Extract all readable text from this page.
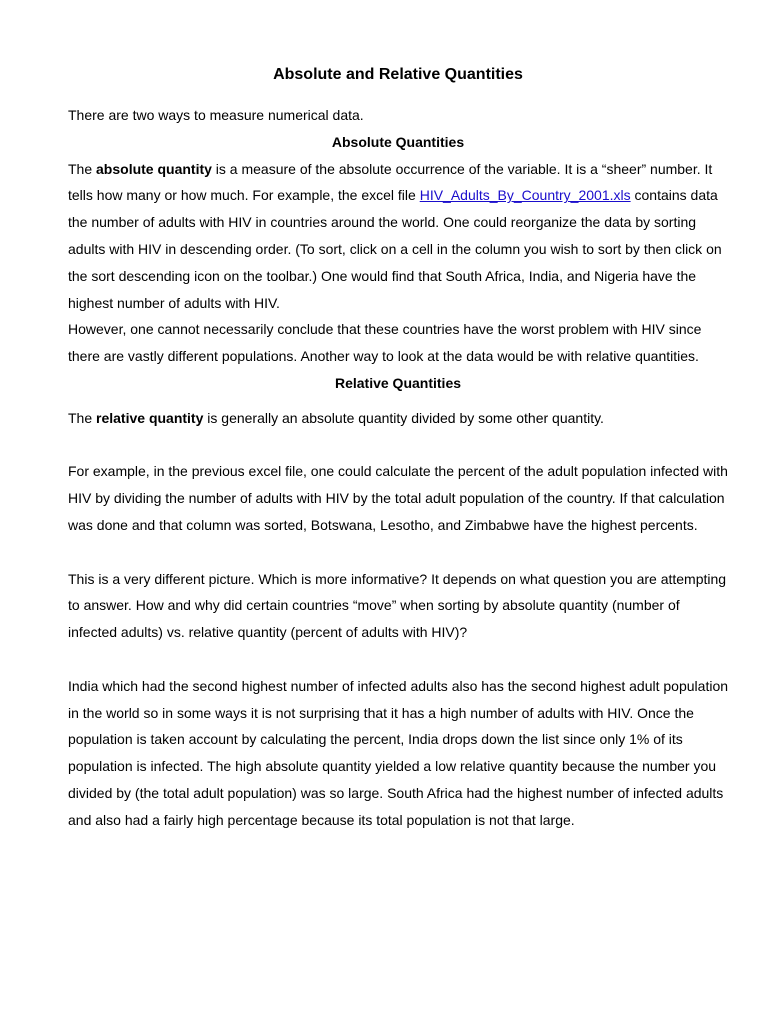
Absolute and Relative Quantities

There are two ways to measure numerical data.

Absolute Quantities

The absolute quantity is a measure of the absolute occurrence of the variable. It is a “sheer” number. It tells how many or how much. For example, the excel file HIV_Adults_By_Country_2001.xls contains data the number of adults with HIV in countries around the world. One could reorganize the data by sorting adults with HIV in descending order. (To sort, click on a cell in the column you wish to sort by then click on the sort descending icon on the toolbar.) One would find that South Africa, India, and Nigeria have the highest number of adults with HIV.

However, one cannot necessarily conclude that these countries have the worst problem with HIV since there are vastly different populations. Another way to look at the data would be with relative quantities.

Relative Quantities

The relative quantity is generally an absolute quantity divided by some other quantity.

For example, in the previous excel file, one could calculate the percent of the adult population infected with HIV by dividing the number of adults with HIV by the total adult population of the country. If that calculation was done and that column was sorted, Botswana, Lesotho, and Zimbabwe have the highest percents.

This is a very different picture. Which is more informative? It depends on what question you are attempting to answer. How and why did certain countries “move” when sorting by absolute quantity (number of infected adults) vs. relative quantity (percent of adults with HIV)?

India which had the second highest number of infected adults also has the second highest adult population in the world so in some ways it is not surprising that it has a high number of adults with HIV. Once the population is taken account by calculating the percent, India drops down the list since only 1% of its population is infected. The high absolute quantity yielded a low relative quantity because the number you divided by (the total adult population) was so large. South Africa had the highest number of infected adults and also had a fairly high percentage because its total population is not that large.
